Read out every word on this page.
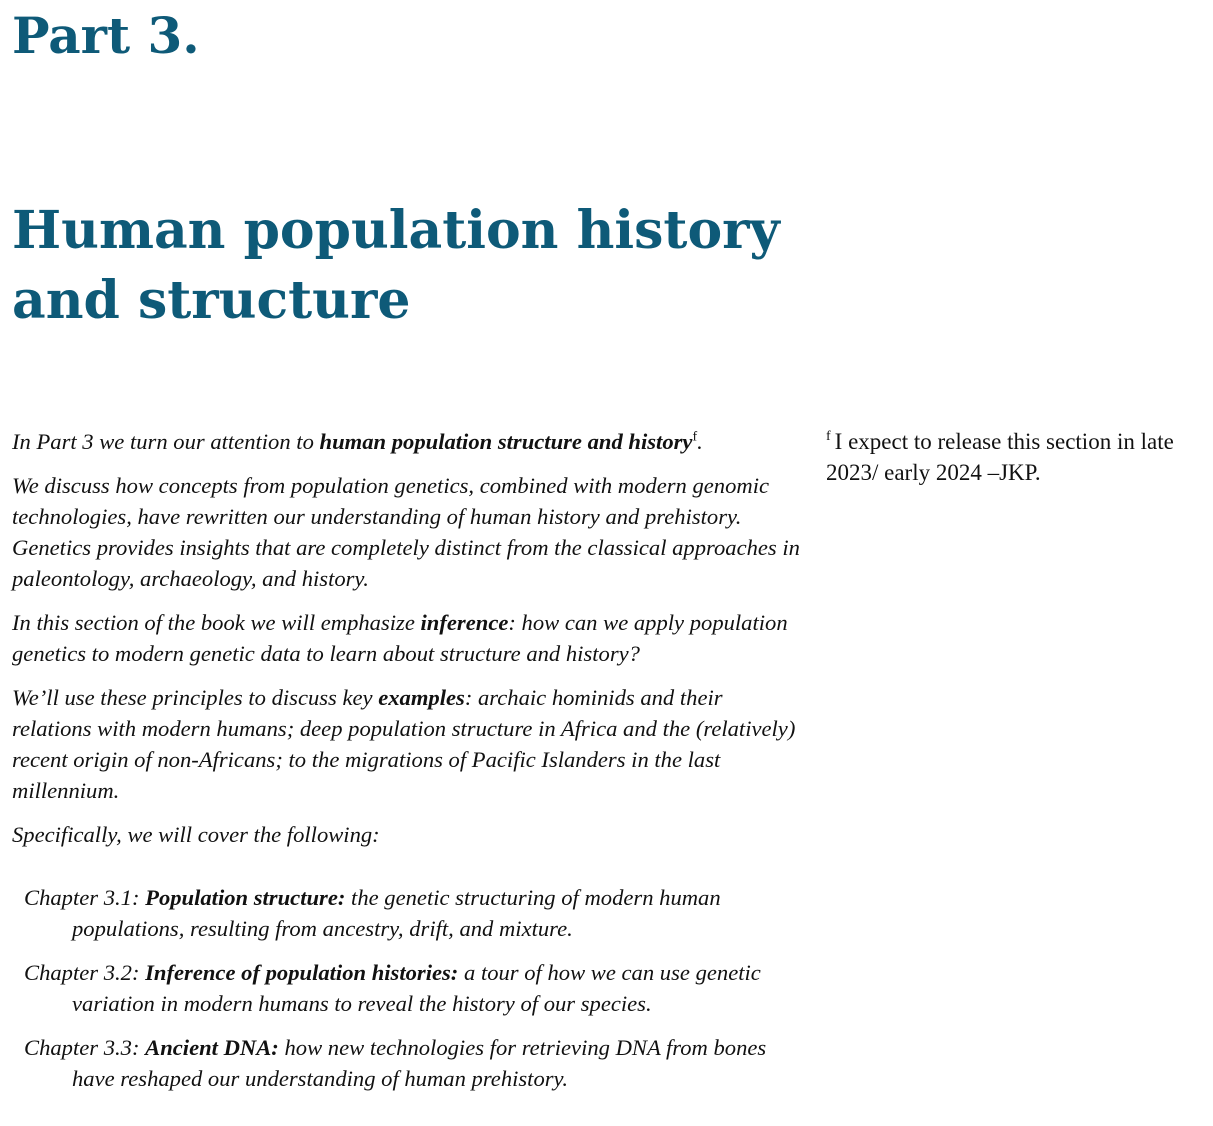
Part 3.
Human population history and structure

In Part 3 we turn our attention to human population structure and history$^f$.

We discuss how concepts from population genetics, combined with modern genomic technologies, have rewritten our understanding of human history and prehistory. Genetics provides insights that are completely distinct from the classical approaches in paleontology, archaeology, and history.

In this section of the book we will emphasize inference: how can we apply population genetics to modern genetic data to learn about structure and history?

We’ll use these principles to discuss key examples: archaic hominids and their relations with modern humans; deep population structure in Africa and the (relatively) recent origin of non-Africans; to the migrations of Pacific Islanders in the last millennium.

Specifically, we will cover the following:

Chapter 3.1: Population structure: the genetic structuring of modern human populations, resulting from ancestry, drift, and mixture.

Chapter 3.2: Inference of population histories: a tour of how we can use genetic variation in modern humans to reveal the history of our species.

Chapter 3.3: Ancient DNA: how new technologies for retrieving DNA from bones have reshaped our understanding of human prehistory.

$^f$ I expect to release this section in late 2023/ early 2024 –JKP.
